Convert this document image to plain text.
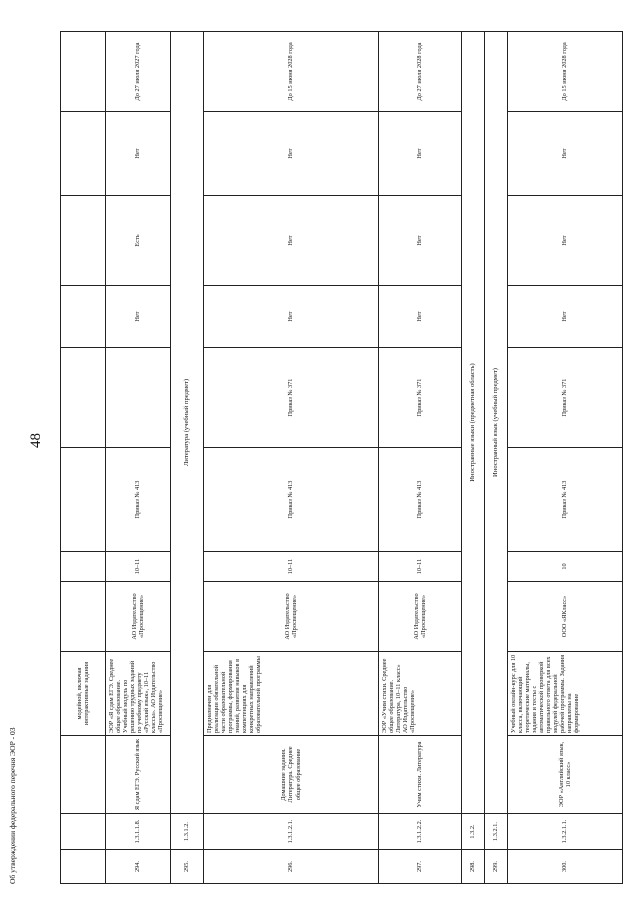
48
			модейной, включая интерактивные задания								
294.	1.3.1.1.8.	Я сдам ЕГЭ. Русский язык	ЭОР «Я сдам ЕГЭ. Среднее общее образование. Учебный модуль по решению трудных заданий по учебному предмету «Русский язык», 10–11 классы». АО Издательство «Просвещение»	АО Издательство «Просвещение»	10–11	Приказ № 413		Нет	Есть	Нет	До 27 июля 2027 года
295.	1.3.1.2.	Литература (учебный предмет)									
296.	1.3.1.2.1.	Домашние задания. Литература. Среднее общее образование	Предназначен для реализации обязательной части образовательной программы, формирования знаний, развития навыков в компетенциях для конкретных направлений образовательной программы	АО Издательство «Просвещение»	10–11	Приказ № 413	Приказ № 371	Нет	Нет	Нет	До 15 июня 2028 года
297.	1.3.1.2.2.	Учим стихи. Литература	ЭОР «Учим стихи. Среднее общее образование. Литература, 10–11 класс» АО Издательство «Просвещение»	АО Издательство «Просвещение»	10–11	Приказ № 413	Приказ № 371	Нет	Нет	Нет	До 27 июля 2028 года
298.	1.3.2.	Иностранные языки (предметная область)									
299.	1.3.2.1.	Иностранный язык (учебный предмет)									
300.	1.3.2.1.1.	ЭОР «Английский язык, 10 класс»	Учебный онлайн-курс для 10 класса, включающий теоретические материалы, задания и тесты с автоматической проверкой правильного ответа для всех модулей федеральной рабочей программы. Задания направлены на формирование	ООО «ЯКласс»	10	Приказ № 413	Приказ № 371	Нет	Нет	Нет	До 15 июня 2028 года
Об утверждении федерального перечня ЭОР - 03
